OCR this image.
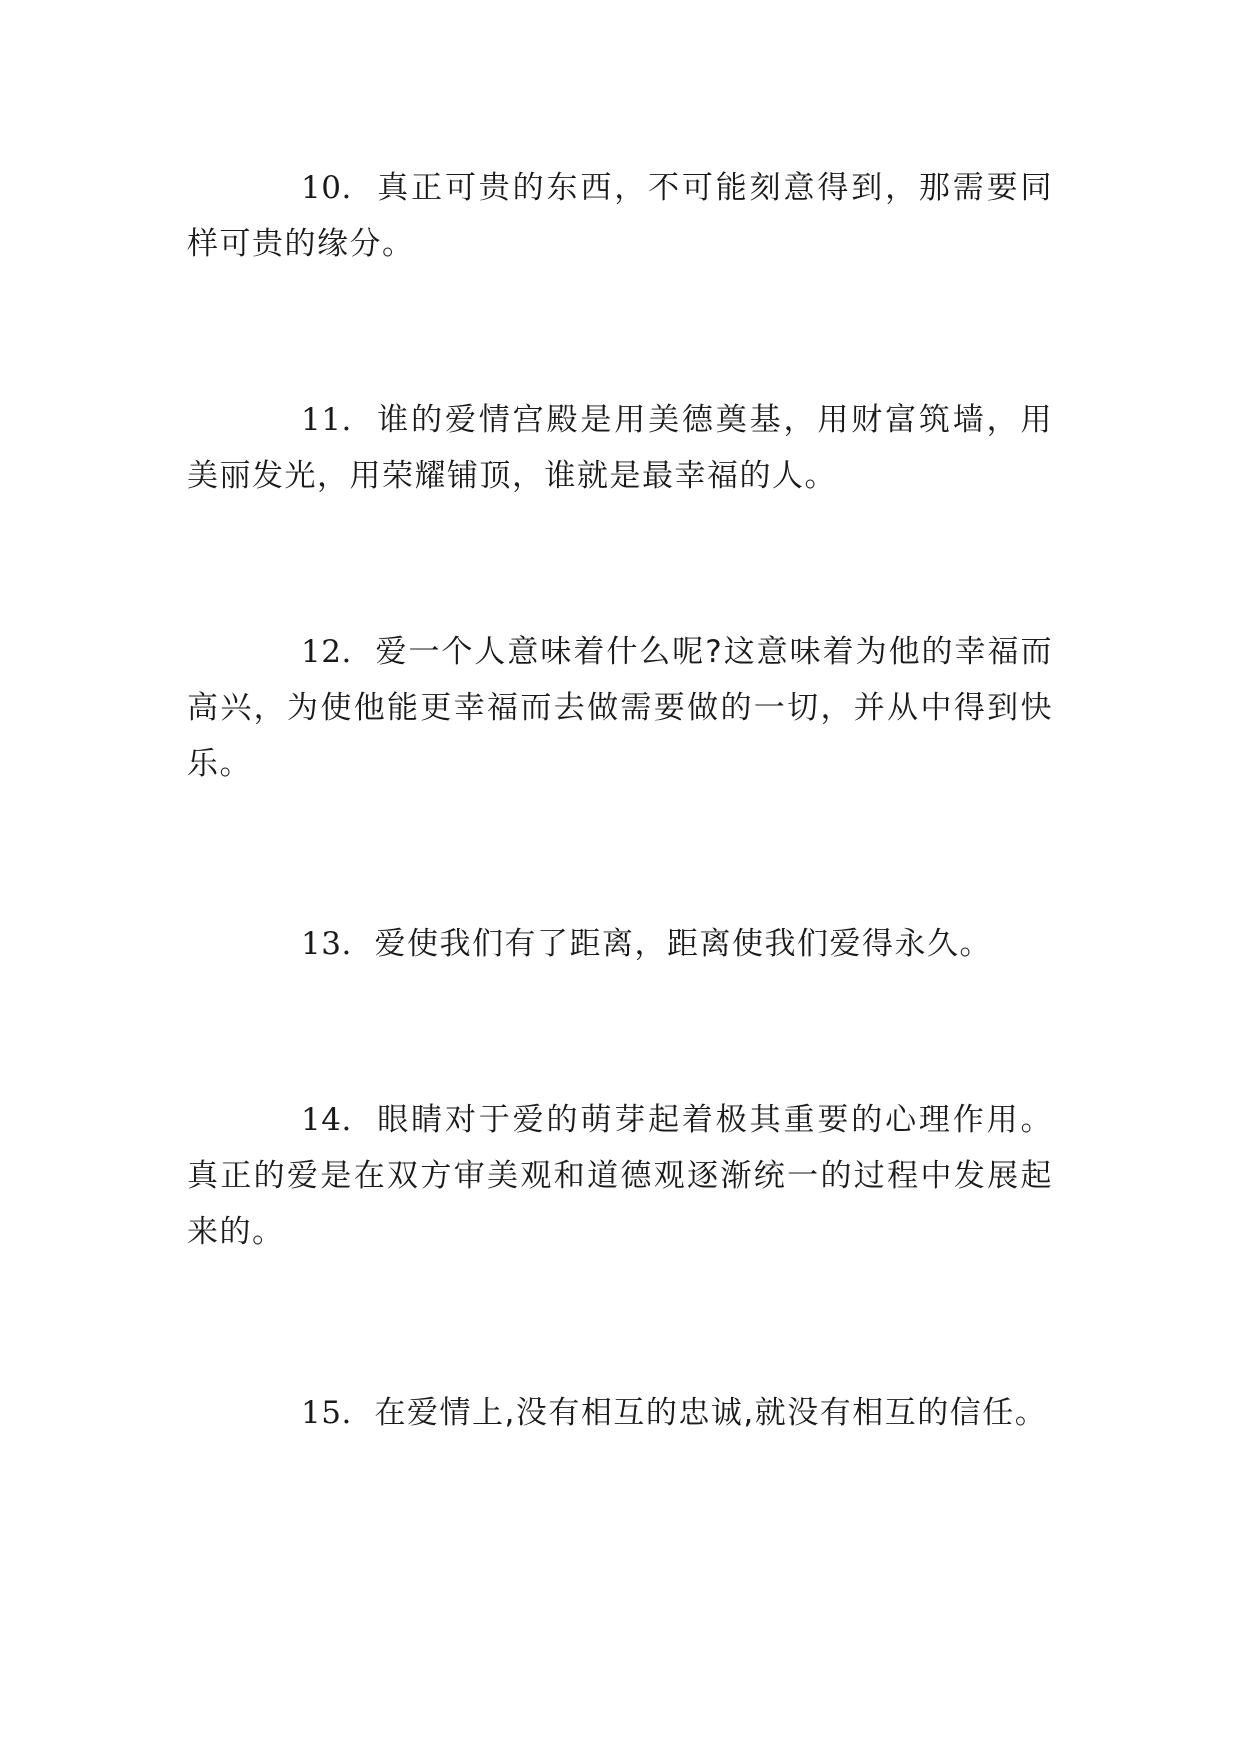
10. 真正可贵的东西，不可能刻意得到，那需要同样可贵的缘分。

11. 谁的爱情宫殿是用美德奠基，用财富筑墙，用美丽发光，用荣耀铺顶，谁就是最幸福的人。

12. 爱一个人意味着什么呢?这意味着为他的幸福而高兴，为使他能更幸福而去做需要做的一切，并从中得到快乐。

13. 爱使我们有了距离，距离使我们爱得永久。

14. 眼睛对于爱的萌芽起着极其重要的心理作用。真正的爱是在双方审美观和道德观逐渐统一的过程中发展起来的。

15. 在爱情上,没有相互的忠诚,就没有相互的信任。
